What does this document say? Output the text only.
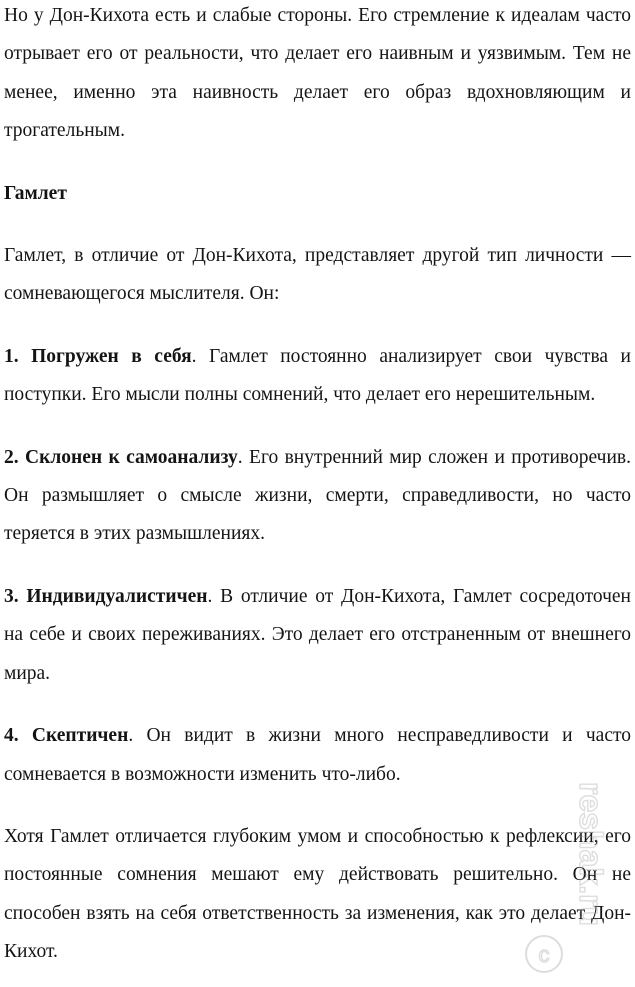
Но у Дон-Кихота есть и слабые стороны. Его стремление к идеалам часто отрывает его от реальности, что делает его наивным и уязвимым. Тем не менее, именно эта наивность делает его образ вдохновляющим и трогательным.

Гамлет

Гамлет, в отличие от Дон-Кихота, представляет другой тип личности — сомневающегося мыслителя. Он:

1. Погружен в себя. Гамлет постоянно анализирует свои чувства и поступки. Его мысли полны сомнений, что делает его нерешительным.

2. Склонен к самоанализу. Его внутренний мир сложен и противоречив. Он размышляет о смысле жизни, смерти, справедливости, но часто теряется в этих размышлениях.

3. Индивидуалистичен. В отличие от Дон-Кихота, Гамлет сосредоточен на себе и своих переживаниях. Это делает его отстраненным от внешнего мира.

4. Скептичен. Он видит в жизни много несправедливости и часто сомневается в возможности изменить что-либо.

Хотя Гамлет отличается глубоким умом и способностью к рефлексии, его постоянные сомнения мешают ему действовать решительно. Он не способен взять на себя ответственность за изменения, как это делает Дон-Кихот.

reshak.ru
c
